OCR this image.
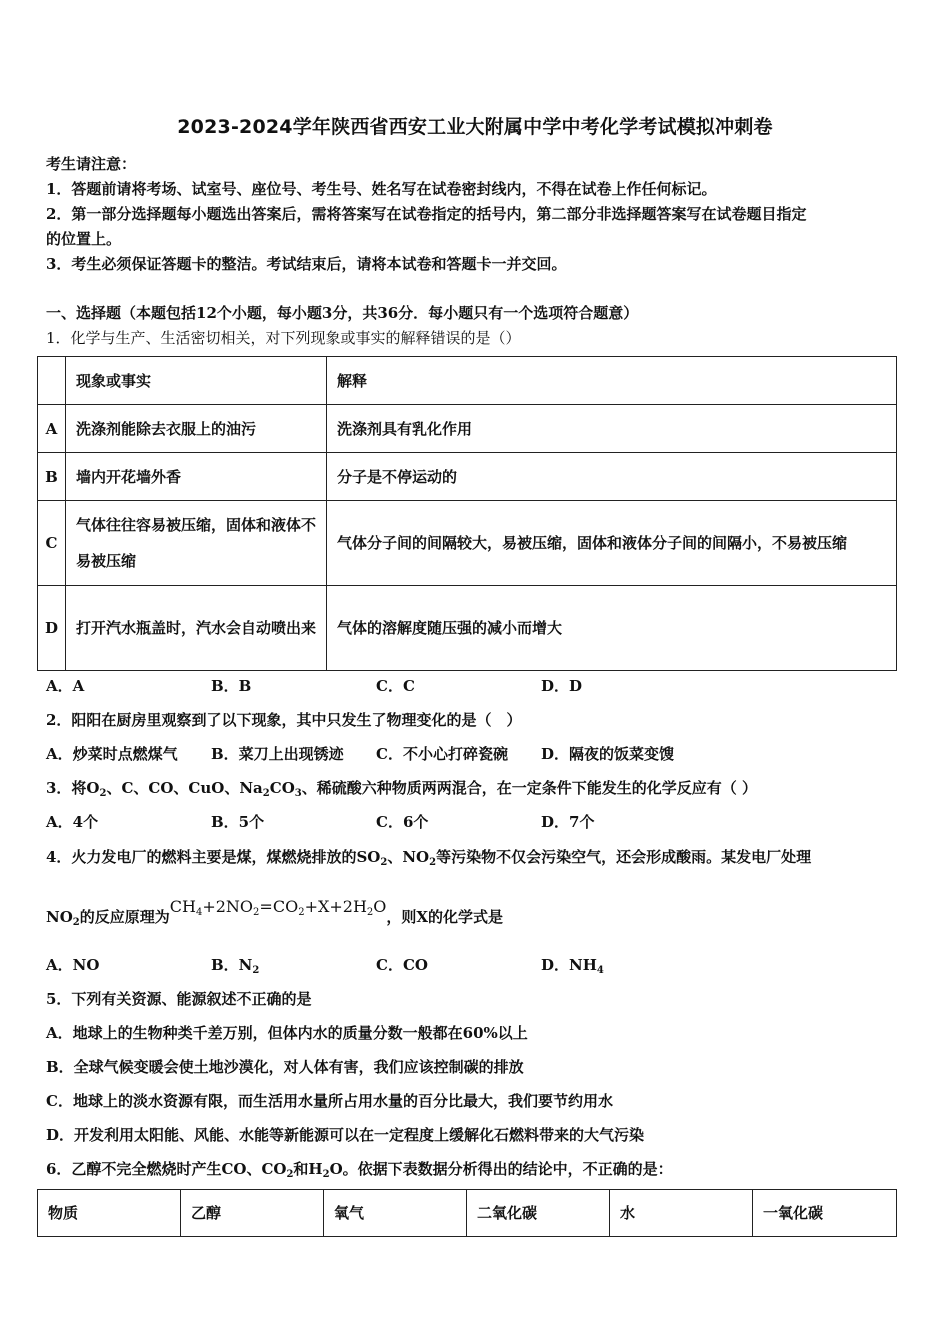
2023-2024学年陕西省西安工业大附属中学中考化学考试模拟冲刺卷
考生请注意：
1．答题前请将考场、试室号、座位号、考生号、姓名写在试卷密封线内，不得在试卷上作任何标记。
2．第一部分选择题每小题选出答案后，需将答案写在试卷指定的括号内，第二部分非选择题答案写在试卷题目指定
的位置上。
3．考生必须保证答题卡的整洁。考试结束后，请将本试卷和答题卡一并交回。
一、选择题（本题包括12个小题，每小题3分，共36分．每小题只有一个选项符合题意）
1．化学与生产、生活密切相关，对下列现象或事实的解释错误的是（）
	现象或事实	解释
A	洗涤剂能除去衣服上的油污	洗涤剂具有乳化作用
B	墙内开花墙外香	分子是不停运动的
C	气体往往容易被压缩，固体和液体不易被压缩	气体分子间的间隔较大，易被压缩，固体和液体分子间的间隔小，不易被压缩
D	打开汽水瓶盖时，汽水会自动喷出来	气体的溶解度随压强的减小而增大
A．A	B．B	C．C	D．D
2．阳阳在厨房里观察到了以下现象，其中只发生了物理变化的是（　）
A．炒菜时点燃煤气 B．菜刀上出现锈迹 C．不小心打碎瓷碗 D．隔夜的饭菜变馊
3．将$O_2$、C、CO、CuO、$Na_2CO_3$、稀硫酸六种物质两两混合，在一定条件下能发生的化学反应有（ ）
A．4个	B．5个	C．6个	D．7个
4．火力发电厂的燃料主要是煤，煤燃烧排放的$SO_2$、$NO_2$等污染物不仅会污染空气，还会形成酸雨。某发电厂处理
$NO_2$的反应原理为$CH_4+2NO_2=CO_2+X+2H_2O$，则X的化学式是
A．NO	B．$N_2$	C．CO	D．$NH_4$
5．下列有关资源、能源叙述不正确的是
A．地球上的生物种类千差万别，但体内水的质量分数一般都在60%以上
B．全球气候变暖会使土地沙漠化，对人体有害，我们应该控制碳的排放
C．地球上的淡水资源有限，而生活用水量所占用水量的百分比最大，我们要节约用水
D．开发利用太阳能、风能、水能等新能源可以在一定程度上缓解化石燃料带来的大气污染
6．乙醇不完全燃烧时产生CO、$CO_2$和$H_2O$。依据下表数据分析得出的结论中，不正确的是：
物质	乙醇	氧气	二氧化碳	水	一氧化碳
